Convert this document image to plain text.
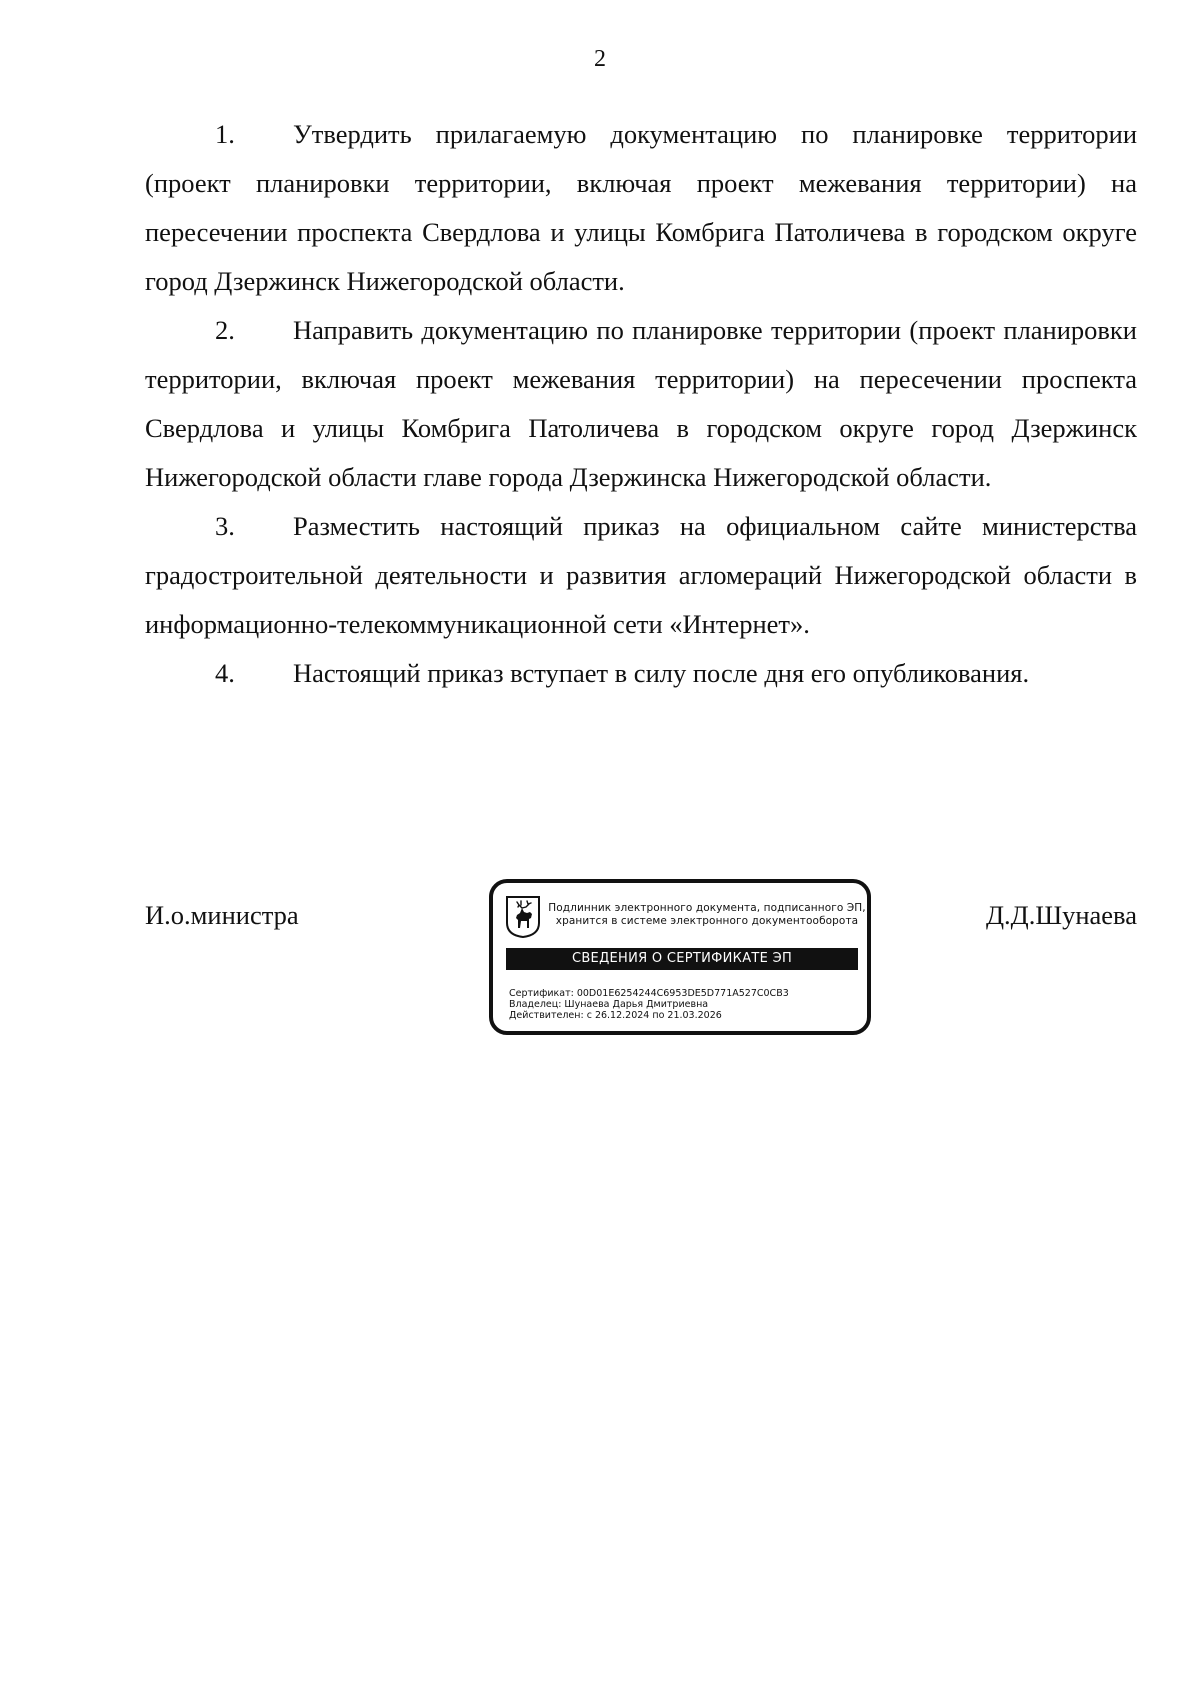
2

1. Утвердить прилагаемую документацию по планировке территории (проект планировки территории, включая проект межевания территории) на пересечении проспекта Свердлова и улицы Комбрига Патоличева в городском округе город Дзержинск Нижегородской области.

2. Направить документацию по планировке территории (проект планировки территории, включая проект межевания территории) на пересечении проспекта Свердлова и улицы Комбрига Патоличева в городском округе город Дзержинск Нижегородской области главе города Дзержинска Нижегородской области.

3. Разместить настоящий приказ на официальном сайте министерства градостроительной деятельности и развития агломераций Нижегородской области в информационно-телекоммуникационной сети «Интернет».

4. Настоящий приказ вступает в силу после дня его опубликования.

И.о.министра	Д.Д.Шунаева
Подлинник электронного документа, подписанного ЭП,
хранится в системе электронного документооборота
СВЕДЕНИЯ О СЕРТИФИКАТЕ ЭП
Сертификат: 00D01E6254244C6953DE5D771A527C0CB3
Владелец: Шунаева Дарья Дмитриевна
Действителен: с 26.12.2024 по 21.03.2026
